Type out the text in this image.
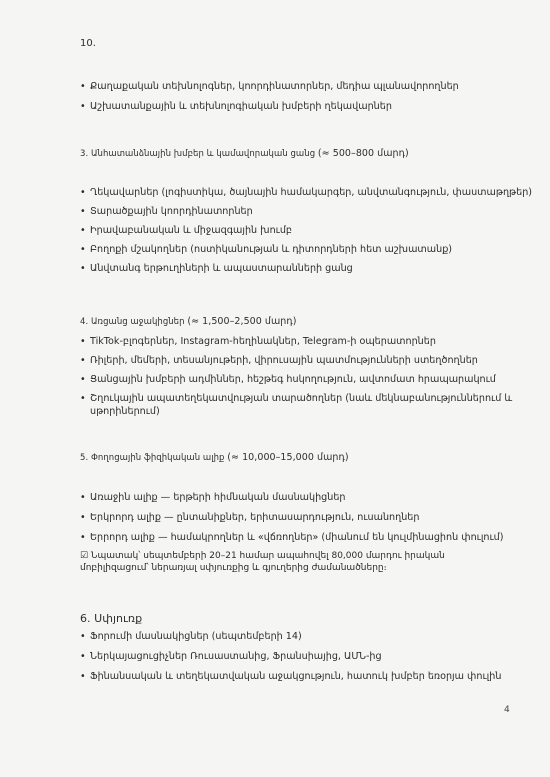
10.
• Քաղաքական տեխնոլոգներ, կոորդինատորներ, մեդիա պլանավորողներ
• Աշխատանքային և տեխնոլոգիական խմբերի ղեկավարներ
3. Անհատանձնային խմբեր և կամավորական ցանց (≈ 500–800 մարդ)
• Ղեկավարներ (լոգիստիկա, ծայնային համակարգեր, անվտանգություն, փաստաթղթեր)
• Տարածքային կոորդինատորներ
• Իրավաբանական և միջազգային խումբ
• Բողոքի մշակողներ (ոստիկանության և դիտորդների հետ աշխատանք)
• Անվտանգ երթուղիների և ապաստարանների ցանց
4. Առցանց աջակիցներ (≈ 1,500–2,500 մարդ)
• TikTok-բլոգերներ, Instagram-հեղինակներ, Telegram-ի օպերատորներ
• Ռիլերի, մեմերի, տեսանյութերի, վիրուսային պատմությունների ստեղծողներ
• Ցանցային խմբերի ադմիններ, հեշթեգ հսկողություն, ավտոմատ հրապարակում
• Շղուկային ապատեղեկատվության տարածողներ (նաև մեկնաբանություններում և սթորիներում)
5. Փողոցային ֆիզիկական ալիք (≈ 10,000–15,000 մարդ)
• Առաջին ալիք — երթերի հիմնական մասնակիցներ
• Երկրորդ ալիք — ընտանիքներ, երիտասարդություն, ուսանողներ
• Երրորդ ալիք — համակրողներ և «վճռողներ» (միանում են կուլմինացիոն փուլում)
☑ Նպատակ՝ սեպտեմբերի 20–21 համար ապահովել 80,000 մարդու իրական մոբիլիզացում՝ ներառյալ սփյուռքից և գյուղերից ժամանածները։
6. Սփյուռք
• Ֆորումի մասնակիցներ (սեպտեմբերի 14)
• Ներկայացուցիչներ Ռուսաստանից, Ֆրանսիայից, ԱՄՆ-ից
• Ֆինանսական և տեղեկատվական աջակցություն, հատուկ խմբեր եռօրյա փուլին
4
